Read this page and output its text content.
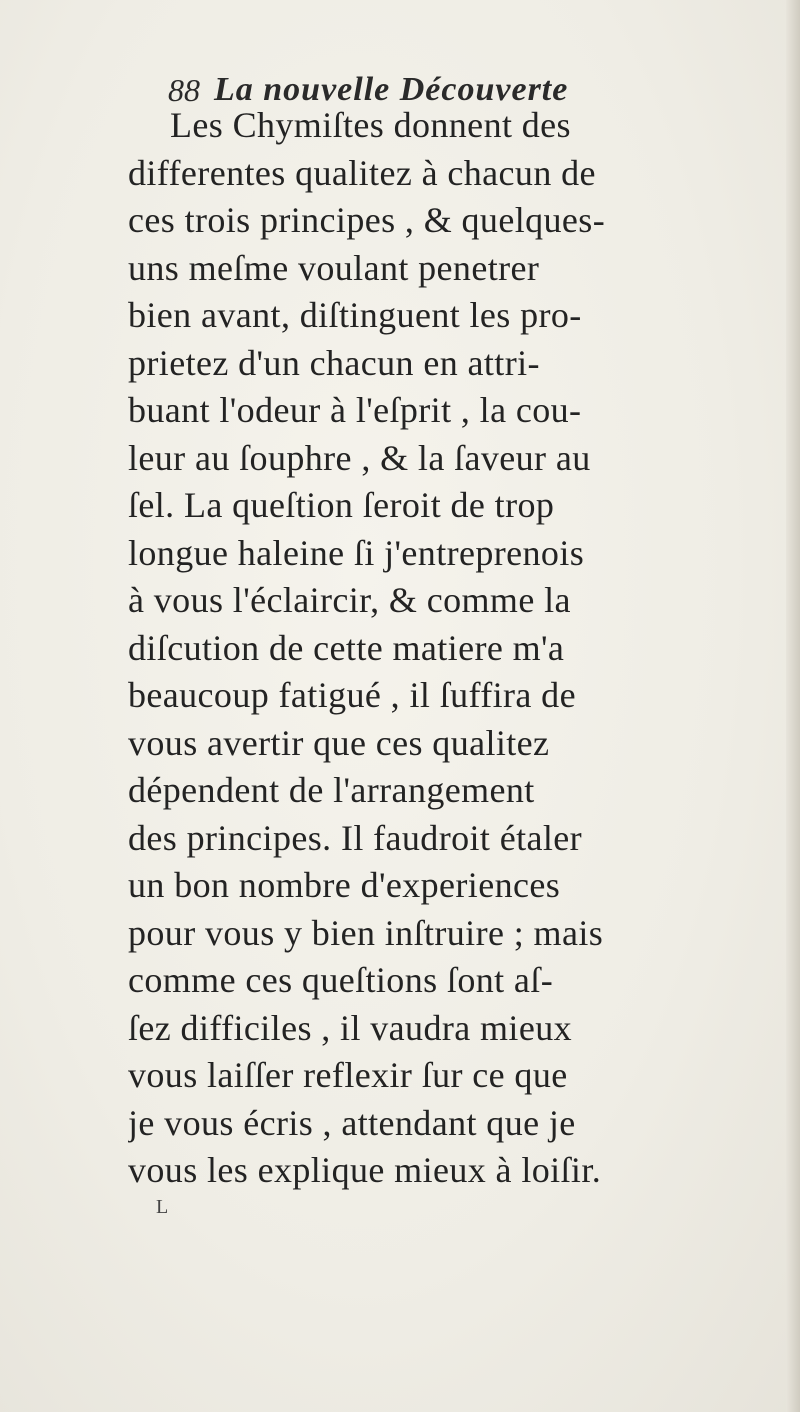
88 La nouvelle Découverte
Les Chymiſtes donnent des
differentes qualitez à chacun de
ces trois principes , & quelques-
uns meſme voulant penetrer
bien avant, diſtinguent les pro-
prietez d'un chacun en attri-
buant l'odeur à l'eſprit , la cou-
leur au ſouphre , & la ſaveur au
ſel. La queſtion ſeroit de trop
longue haleine ſi j'entreprenois
à vous l'éclaircir, & comme la
diſcution de cette matiere m'a
beaucoup fatigué , il ſuffira de
vous avertir que ces qualitez
dépendent de l'arrangement
des principes. Il faudroit étaler
un bon nombre d'experiences
pour vous y bien inſtruire ; mais
comme ces queſtions ſont aſ-
ſez difficiles , il vaudra mieux
vous laiſſer reflexir ſur ce que
je vous écris , attendant que je
vous les explique mieux à loiſir.
L
